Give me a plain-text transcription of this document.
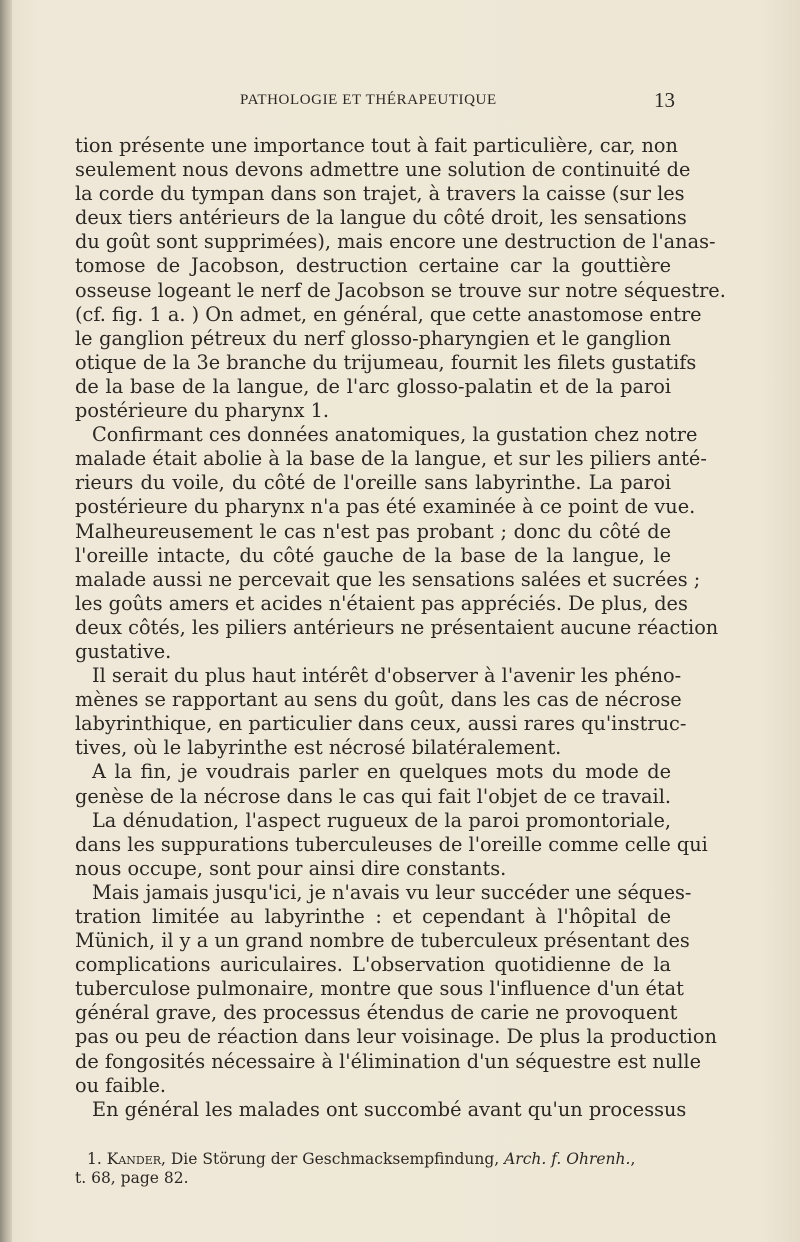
PATHOLOGIE ET THÉRAPEUTIQUE	13
tion présente une importance tout à fait particulière, car, non
seulement nous devons admettre une solution de continuité de
la corde du tympan dans son trajet, à travers la caisse (sur les
deux tiers antérieurs de la langue du côté droit, les sensations
du goût sont supprimées), mais encore une destruction de l'anas-
tomose de Jacobson, destruction certaine car la gouttière
osseuse logeant le nerf de Jacobson se trouve sur notre séquestre.
(cf. fig. 1 a. ) On admet, en général, que cette anastomose entre
le ganglion pétreux du nerf glosso-pharyngien et le ganglion
otique de la 3e branche du trijumeau, fournit les filets gustatifs
de la base de la langue, de l'arc glosso-palatin et de la paroi
postérieure du pharynx 1.
Confirmant ces données anatomiques, la gustation chez notre
malade était abolie à la base de la langue, et sur les piliers anté-
rieurs du voile, du côté de l'oreille sans labyrinthe. La paroi
postérieure du pharynx n'a pas été examinée à ce point de vue.
Malheureusement le cas n'est pas probant ; donc du côté de
l'oreille intacte, du côté gauche de la base de la langue, le
malade aussi ne percevait que les sensations salées et sucrées ;
les goûts amers et acides n'étaient pas appréciés. De plus, des
deux côtés, les piliers antérieurs ne présentaient aucune réaction
gustative.
Il serait du plus haut intérêt d'observer à l'avenir les phéno-
mènes se rapportant au sens du goût, dans les cas de nécrose
labyrinthique, en particulier dans ceux, aussi rares qu'instruc-
tives, où le labyrinthe est nécrosé bilatéralement.
A la fin, je voudrais parler en quelques mots du mode de
genèse de la nécrose dans le cas qui fait l'objet de ce travail.
La dénudation, l'aspect rugueux de la paroi promontoriale,
dans les suppurations tuberculeuses de l'oreille comme celle qui
nous occupe, sont pour ainsi dire constants.
Mais jamais jusqu'ici, je n'avais vu leur succéder une séques-
tration limitée au labyrinthe : et cependant à l'hôpital de
Münich, il y a un grand nombre de tuberculeux présentant des
complications auriculaires. L'observation quotidienne de la
tuberculose pulmonaire, montre que sous l'influence d'un état
général grave, des processus étendus de carie ne provoquent
pas ou peu de réaction dans leur voisinage. De plus la production
de fongosités nécessaire à l'élimination d'un séquestre est nulle
ou faible.
En général les malades ont succombé avant qu'un processus
1. Kander, Die Störung der Geschmacksempfindung, Arch. f. Ohrenh.,
t. 68, page 82.
